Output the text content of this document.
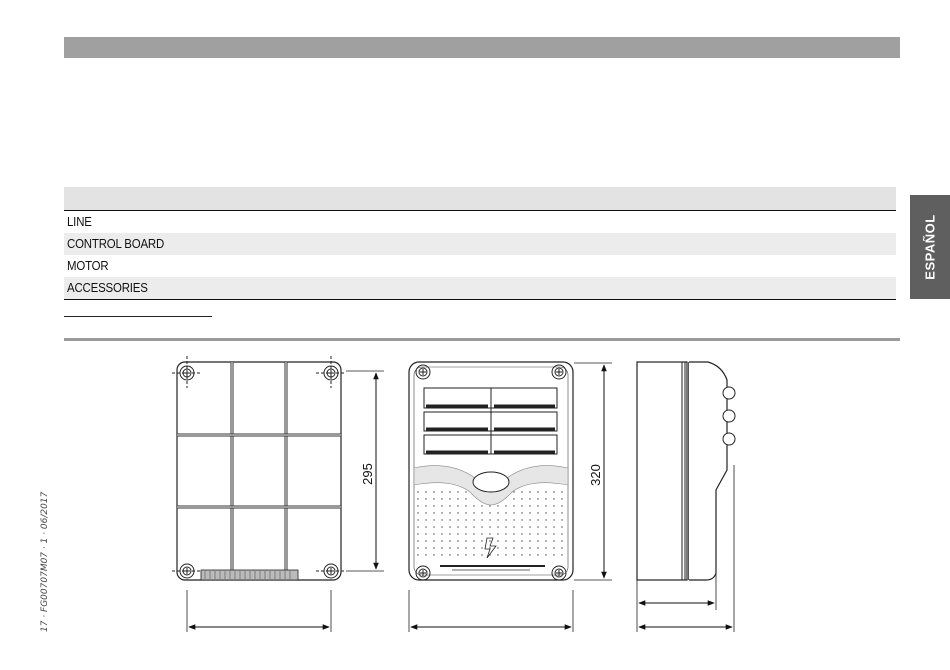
LINE
CONTROL BOARD
MOTOR
ACCESSORIES
ESPAÑOL
17 · FG00707M07 · 1 · 06/2017
295	320
